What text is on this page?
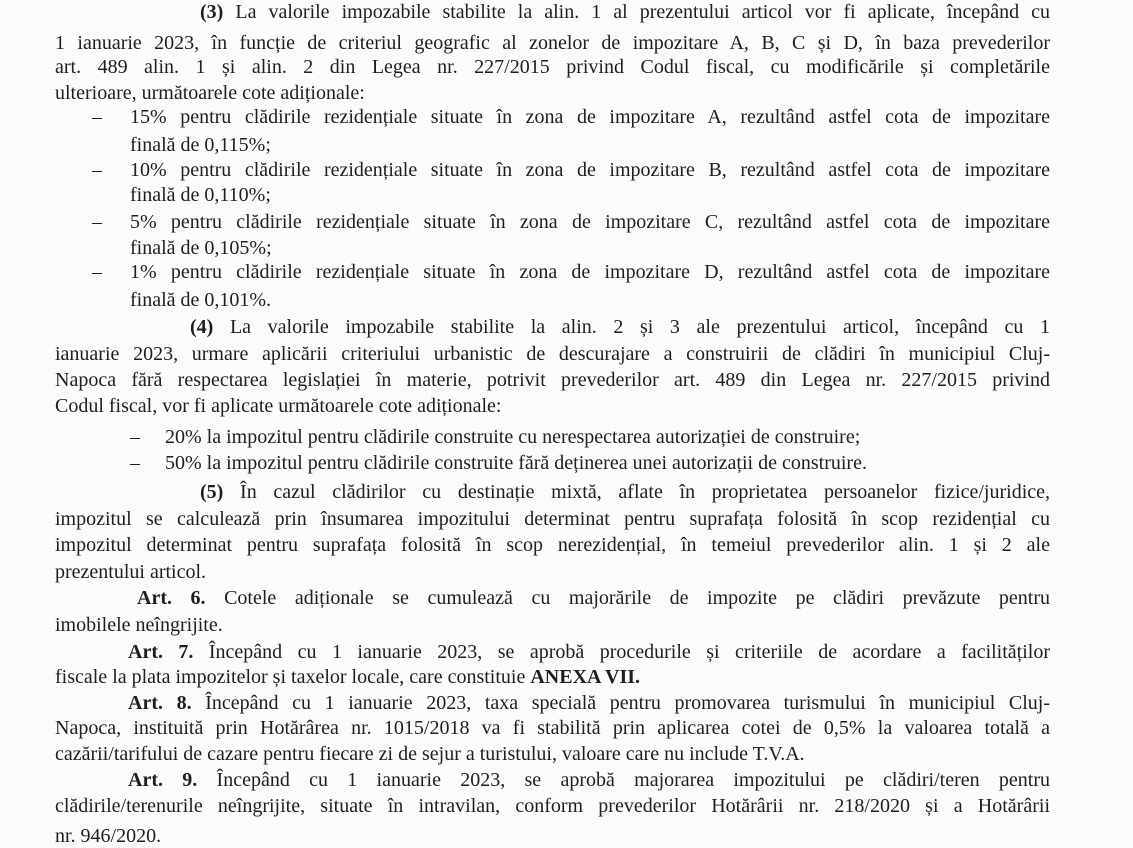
(3) La valorile impozabile stabilite la alin. 1 al prezentului articol vor fi aplicate, începând cu
1 ianuarie 2023, în funcție de criteriul geografic al zonelor de impozitare A, B, C și D, în baza prevederilor
art. 489 alin. 1 și alin. 2 din Legea nr. 227/2015 privind Codul fiscal, cu modificările și completările
ulterioare, următoarele cote adiționale:
– 15% pentru clădirile rezidențiale situate în zona de impozitare A, rezultând astfel cota de impozitare
finală de 0,115%;
– 10% pentru clădirile rezidențiale situate în zona de impozitare B, rezultând astfel cota de impozitare
finală de 0,110%;
– 5% pentru clădirile rezidențiale situate în zona de impozitare C, rezultând astfel cota de impozitare
finală de 0,105%;
– 1% pentru clădirile rezidențiale situate în zona de impozitare D, rezultând astfel cota de impozitare
finală de 0,101%.
(4) La valorile impozabile stabilite la alin. 2 și 3 ale prezentului articol, începând cu 1
ianuarie 2023, urmare aplicării criteriului urbanistic de descurajare a construirii de clădiri în municipiul Cluj-
Napoca fără respectarea legislației în materie, potrivit prevederilor art. 489 din Legea nr. 227/2015 privind
Codul fiscal, vor fi aplicate următoarele cote adiționale:
– 20% la impozitul pentru clădirile construite cu nerespectarea autorizației de construire;
– 50% la impozitul pentru clădirile construite fără deținerea unei autorizații de construire.
(5) În cazul clădirilor cu destinație mixtă, aflate în proprietatea persoanelor fizice/juridice,
impozitul se calculează prin însumarea impozitului determinat pentru suprafața folosită în scop rezidențial cu
impozitul determinat pentru suprafața folosită în scop nerezidențial, în temeiul prevederilor alin. 1 și 2 ale
prezentului articol.
Art. 6. Cotele adiționale se cumulează cu majorările de impozite pe clădiri prevăzute pentru
imobilele neîngrijite.
Art. 7. Începând cu 1 ianuarie 2023, se aprobă procedurile și criteriile de acordare a facilităților
fiscale la plata impozitelor și taxelor locale, care constituie ANEXA VII.
Art. 8. Începând cu 1 ianuarie 2023, taxa specială pentru promovarea turismului în municipiul Cluj-
Napoca, instituită prin Hotărârea nr. 1015/2018 va fi stabilită prin aplicarea cotei de 0,5% la valoarea totală a
cazării/tarifului de cazare pentru fiecare zi de sejur a turistului, valoare care nu include T.V.A.
Art. 9. Începând cu 1 ianuarie 2023, se aprobă majorarea impozitului pe clădiri/teren pentru
clădirile/terenurile neîngrijite, situate în intravilan, conform prevederilor Hotărârii nr. 218/2020 și a Hotărârii
nr. 946/2020.
